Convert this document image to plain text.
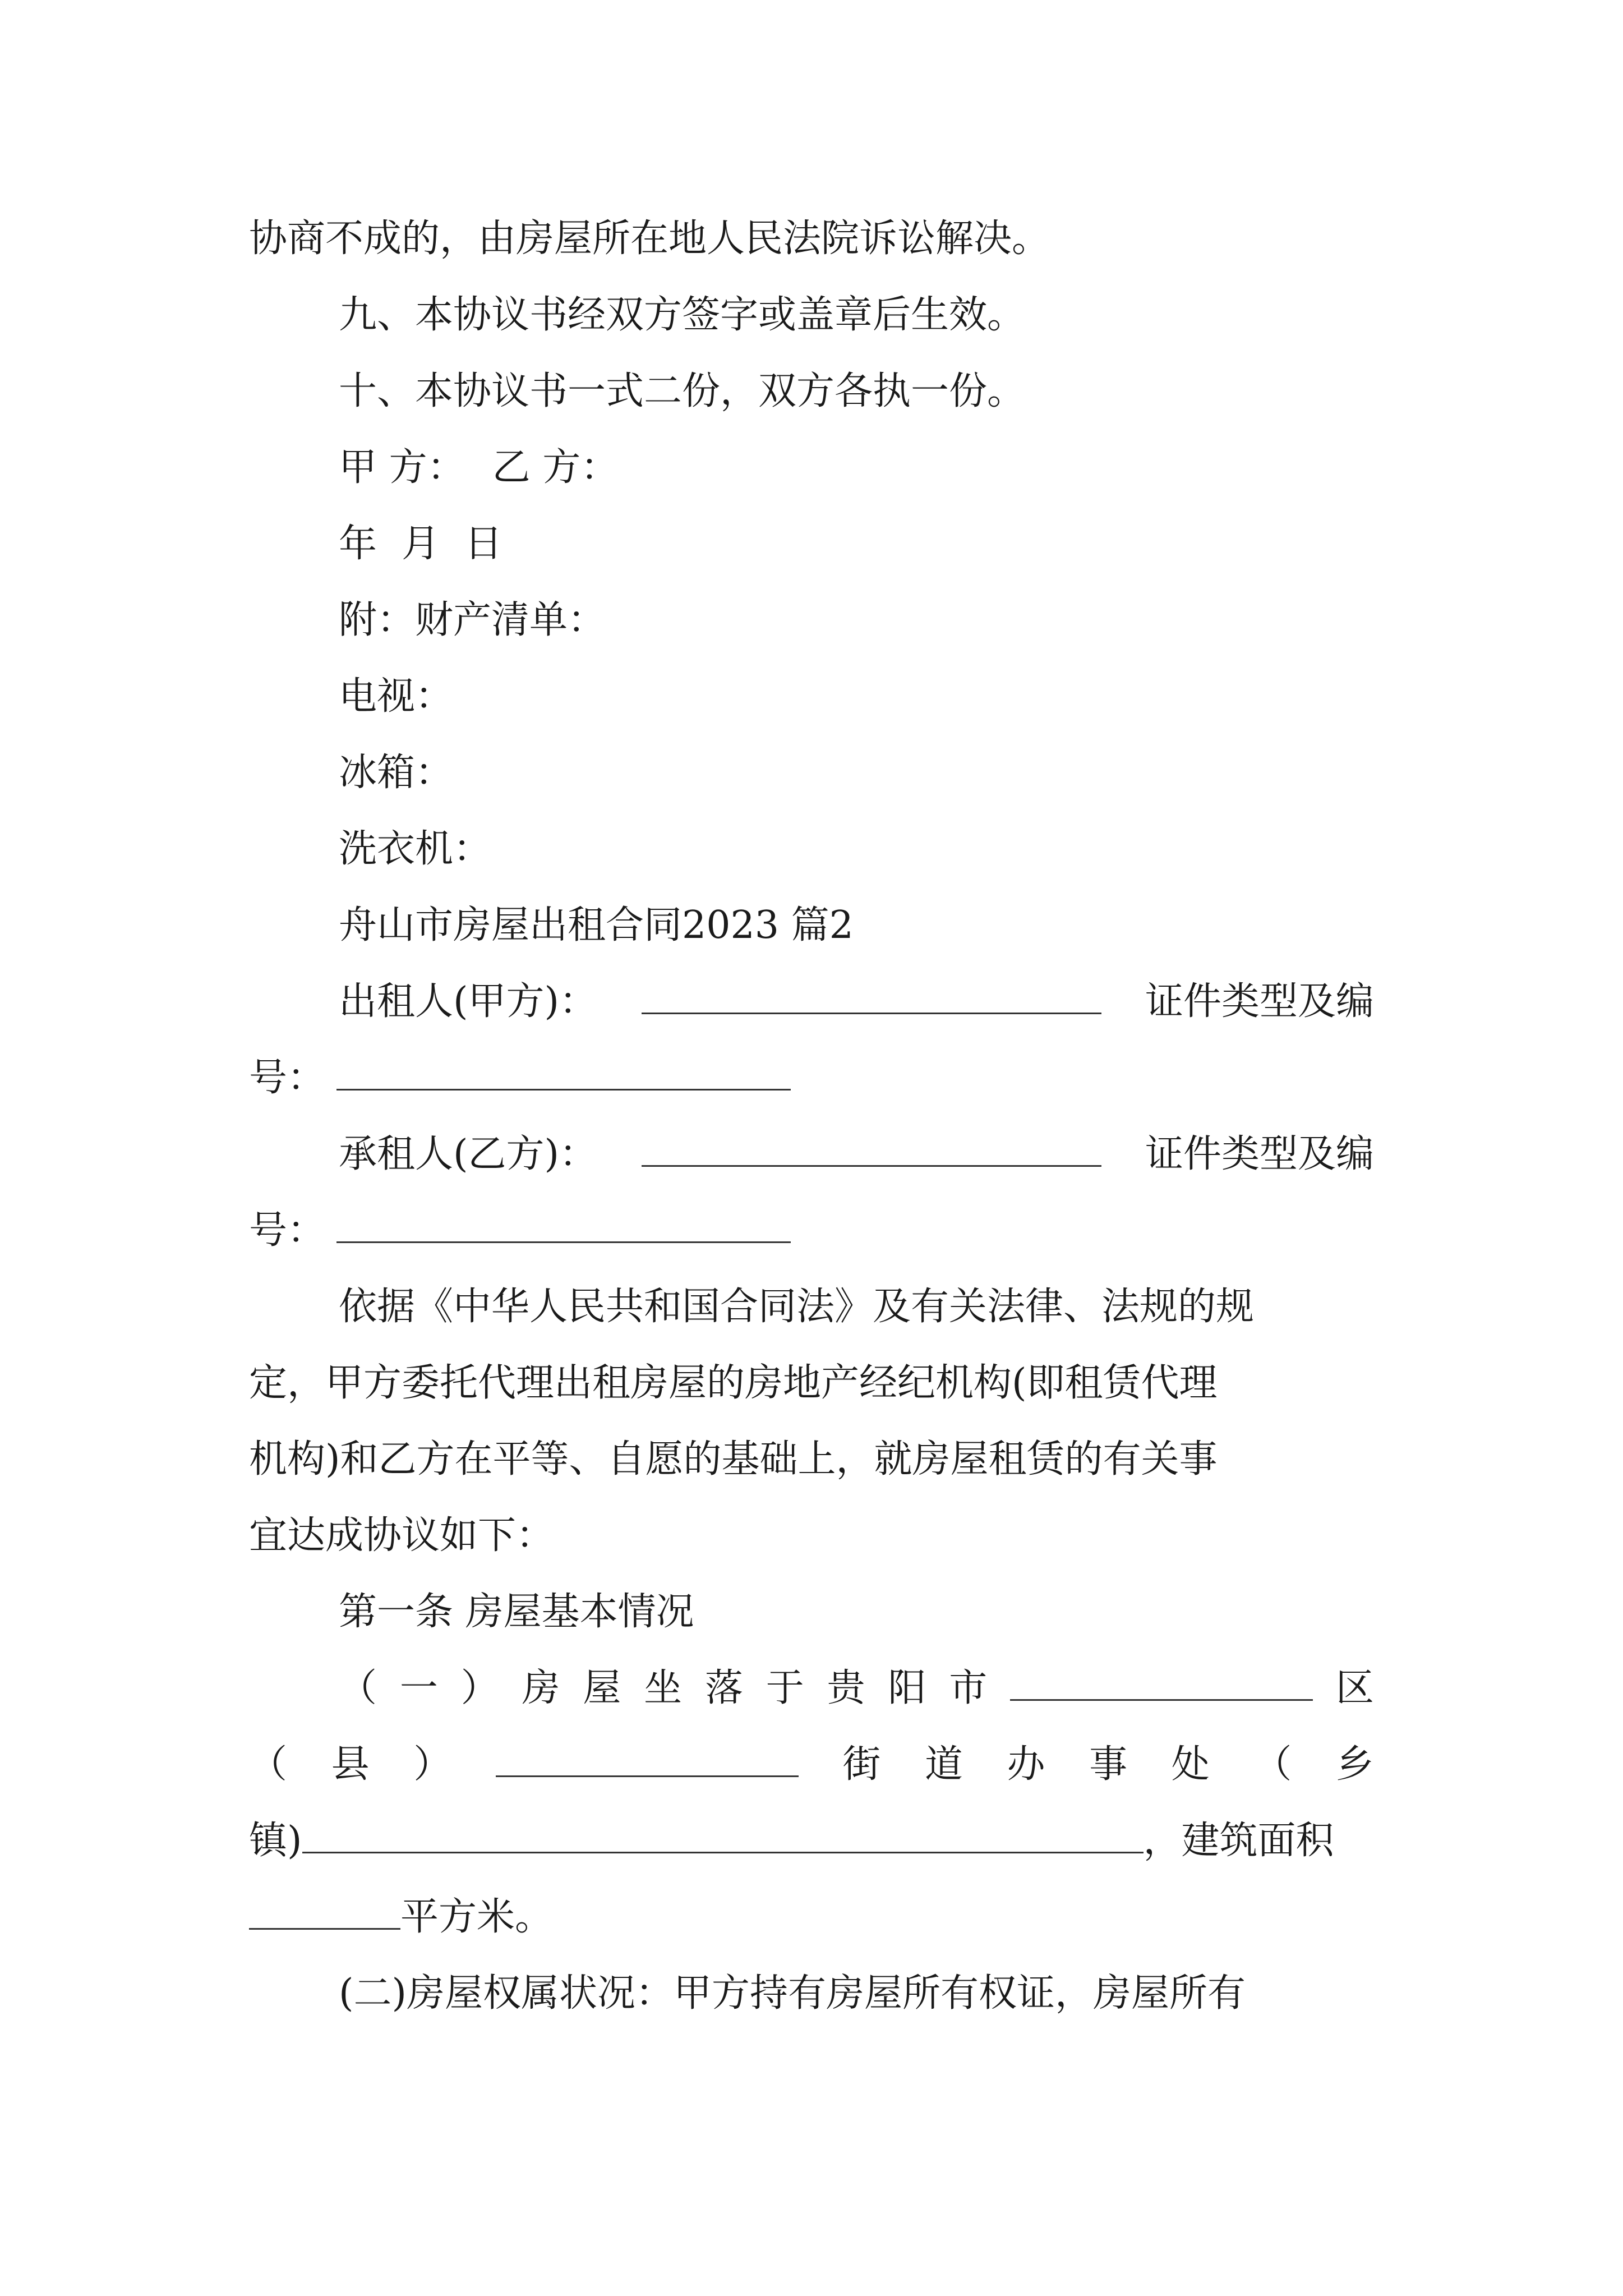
协商不成的，由房屋所在地人民法院诉讼解决。
九、本协议书经双方签字或盖章后生效。
十、本协议书一式二份，双方各执一份。
甲 方： 乙 方：
年 月 日
附：财产清单：
电视：
冰箱：
洗衣机：
舟山市房屋出租合同2023 篇2
出租人(甲方)：	证件类型及编
号：
承租人(乙方)：	证件类型及编
号：
依据《中华人民共和国合同法》及有关法律、法规的规
定，甲方委托代理出租房屋的房地产经纪机构(即租赁代理
机构)和乙方在平等、自愿的基础上，就房屋租赁的有关事
宜达成协议如下：
第一条 房屋基本情况
（ 一 ） 房 屋 坐 落 于 贵 阳 市	区
（ 县 ）	街 道 办 事 处 （ 乡
镇)	，建筑面积
平方米。
(二)房屋权属状况：甲方持有房屋所有权证，房屋所有
